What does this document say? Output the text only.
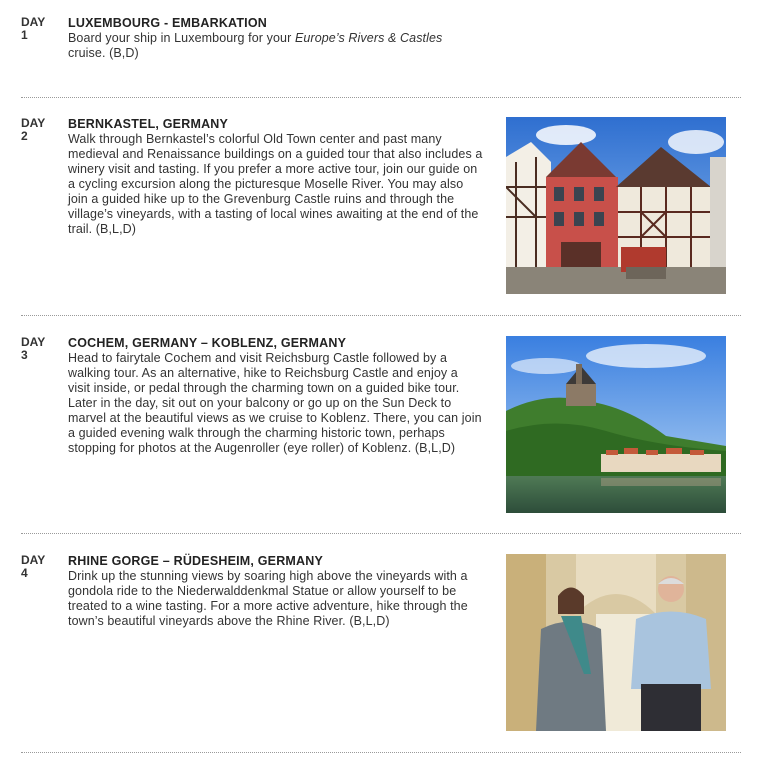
DAY
1
LUXEMBOURG - EMBARKATION
Board your ship in Luxembourg for your Europe’s Rivers & Castles cruise. (B,D)
DAY
2
BERNKASTEL, GERMANY
Walk through Bernkastel’s colorful Old Town center and past many medieval and Renaissance buildings on a guided tour that also includes a winery visit and tasting. If you prefer a more active tour, join our guide on a cycling excursion along the picturesque Moselle River. You may also join a guided hike up to the Grevenburg Castle ruins and through the village’s vineyards, with a tasting of local wines awaiting at the end of the trail. (B,L,D)
DAY
3
COCHEM, GERMANY – KOBLENZ, GERMANY
Head to fairytale Cochem and visit Reichsburg Castle followed by a walking tour. As an alternative, hike to Reichsburg Castle and enjoy a visit inside, or pedal through the charming town on a guided bike tour. Later in the day, sit out on your balcony or go up on the Sun Deck to marvel at the beautiful views as we cruise to Koblenz. There, you can join a guided evening walk through the charming historic town, perhaps stopping for photos at the Augenroller (eye roller) of Koblenz. (B,L,D)
DAY
4
RHINE GORGE – RÜDESHEIM, GERMANY
Drink up the stunning views by soaring high above the vineyards with a gondola ride to the Niederwalddenkmal Statue or allow yourself to be treated to a wine tasting. For a more active adventure, hike through the town’s beautiful vineyards above the Rhine River. (B,L,D)
